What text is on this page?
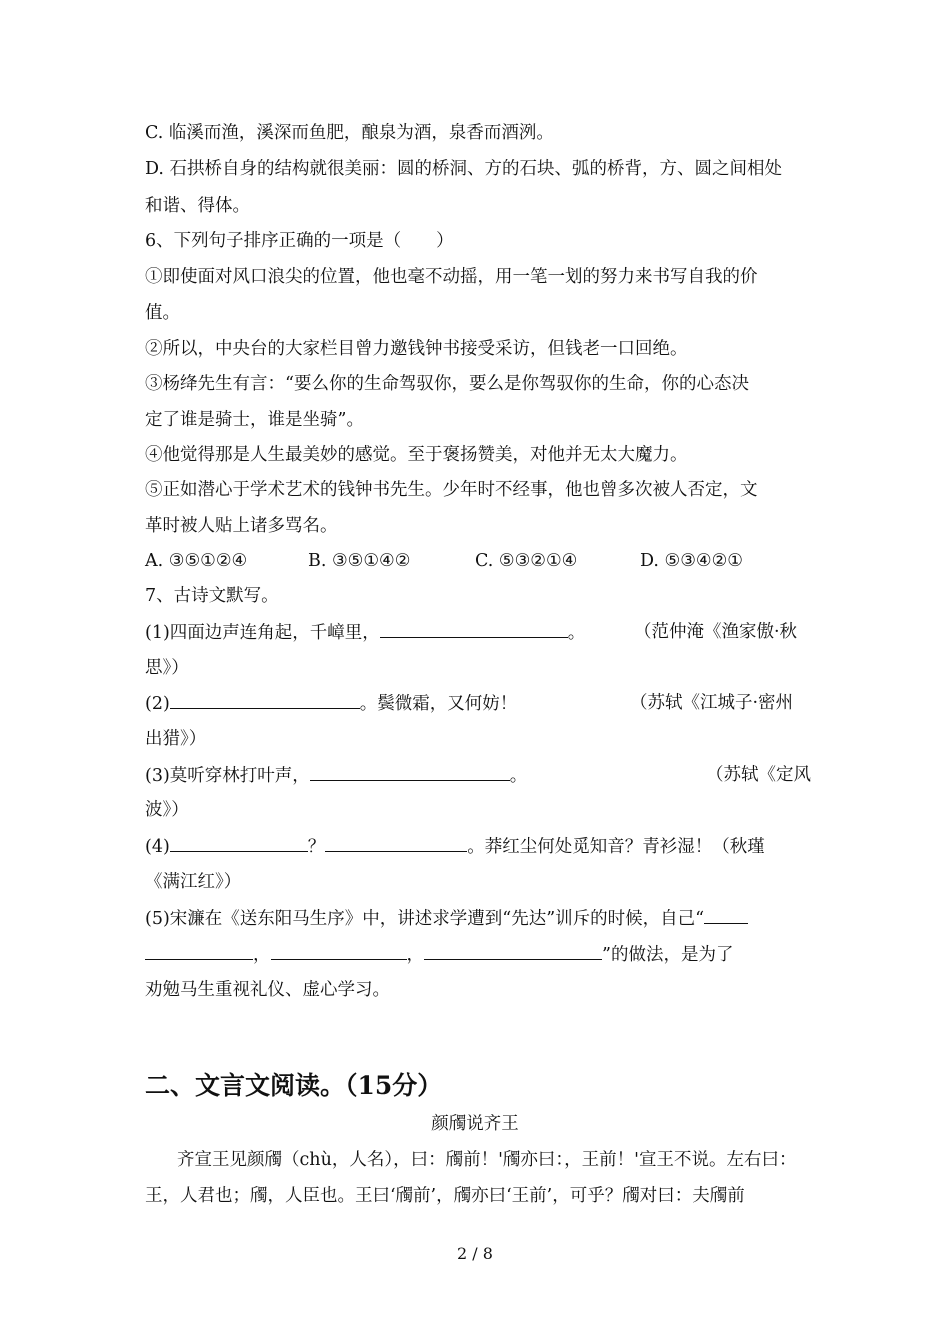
C. 临溪而渔，溪深而鱼肥，酿泉为酒，泉香而酒洌。

D. 石拱桥自身的结构就很美丽：圆的桥洞、方的石块、弧的桥背，方、圆之间相处

和谐、得体。

6、下列句子排序正确的一项是（　　）

①即使面对风口浪尖的位置，他也毫不动摇，用一笔一划的努力来书写自我的价

值。

②所以，中央台的大家栏目曾力邀钱钟书接受采访，但钱老一口回绝。

③杨绛先生有言：“要么你的生命驾驭你，要么是你驾驭你的生命，你的心态决

定了谁是骑士，谁是坐骑”。

④他觉得那是人生最美妙的感觉。至于褒扬赞美，对他并无太大魔力。

⑤正如潜心于学术艺术的钱钟书先生。少年时不经事，他也曾多次被人否定，文

革时被人贴上诸多骂名。

A. ③⑤①②④	B. ③⑤①④②	C. ⑤③②①④	D. ⑤③④②①

7、古诗文默写。

(1)四面边声连角起，千嶂里，	。	（范仲淹《渔家傲·秋

思》）

(2)	。鬓微霜，又何妨！	（苏轼《江城子·密州

出猎》）

(3)莫听穿林打叶声，	。	（苏轼《定风

波》）

(4)	？	。莽红尘何处觅知音？青衫湿！（秋瑾

《满江红》）

(5)宋濂在《送东阳马生序》中，讲述求学遭到“先达”训斥的时候，自己“

，	，	”的做法，是为了

劝勉马生重视礼仪、虚心学习。

二、文言文阅读。（15分）
颜斶说齐王

齐宣王见颜斶（chù，人名），曰：斶前！'斶亦曰：，王前！'宣王不说。左右曰：

王，人君也；斶，人臣也。王曰‘斶前’，斶亦曰‘王前’，可乎？斶对曰：夫斶前

2 / 8
